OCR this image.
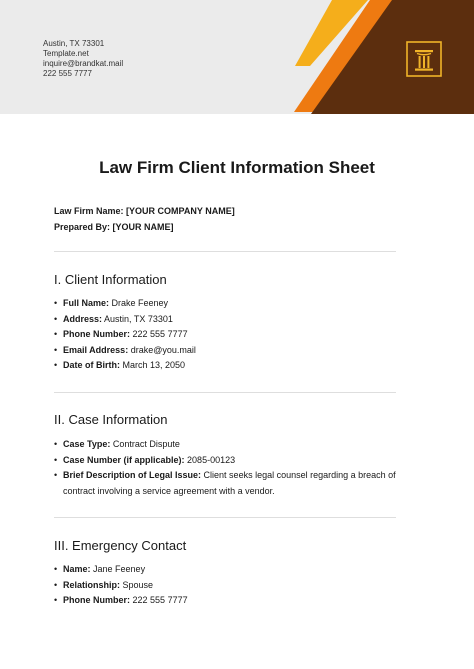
Austin, TX 73301
Template.net
inquire@brandkat.mail
222 555 7777
Law Firm Client Information Sheet
Law Firm Name: [YOUR COMPANY NAME]
Prepared By: [YOUR NAME]
I. Client Information
• Full Name: Drake Feeney
• Address: Austin, TX 73301
• Phone Number: 222 555 7777
• Email Address: drake@you.mail
• Date of Birth: March 13, 2050
II. Case Information
• Case Type: Contract Dispute
• Case Number (if applicable): 2085-00123
• Brief Description of Legal Issue: Client seeks legal counsel regarding a breach of contract involving a service agreement with a vendor.
III. Emergency Contact
• Name: Jane Feeney
• Relationship: Spouse
• Phone Number: 222 555 7777
